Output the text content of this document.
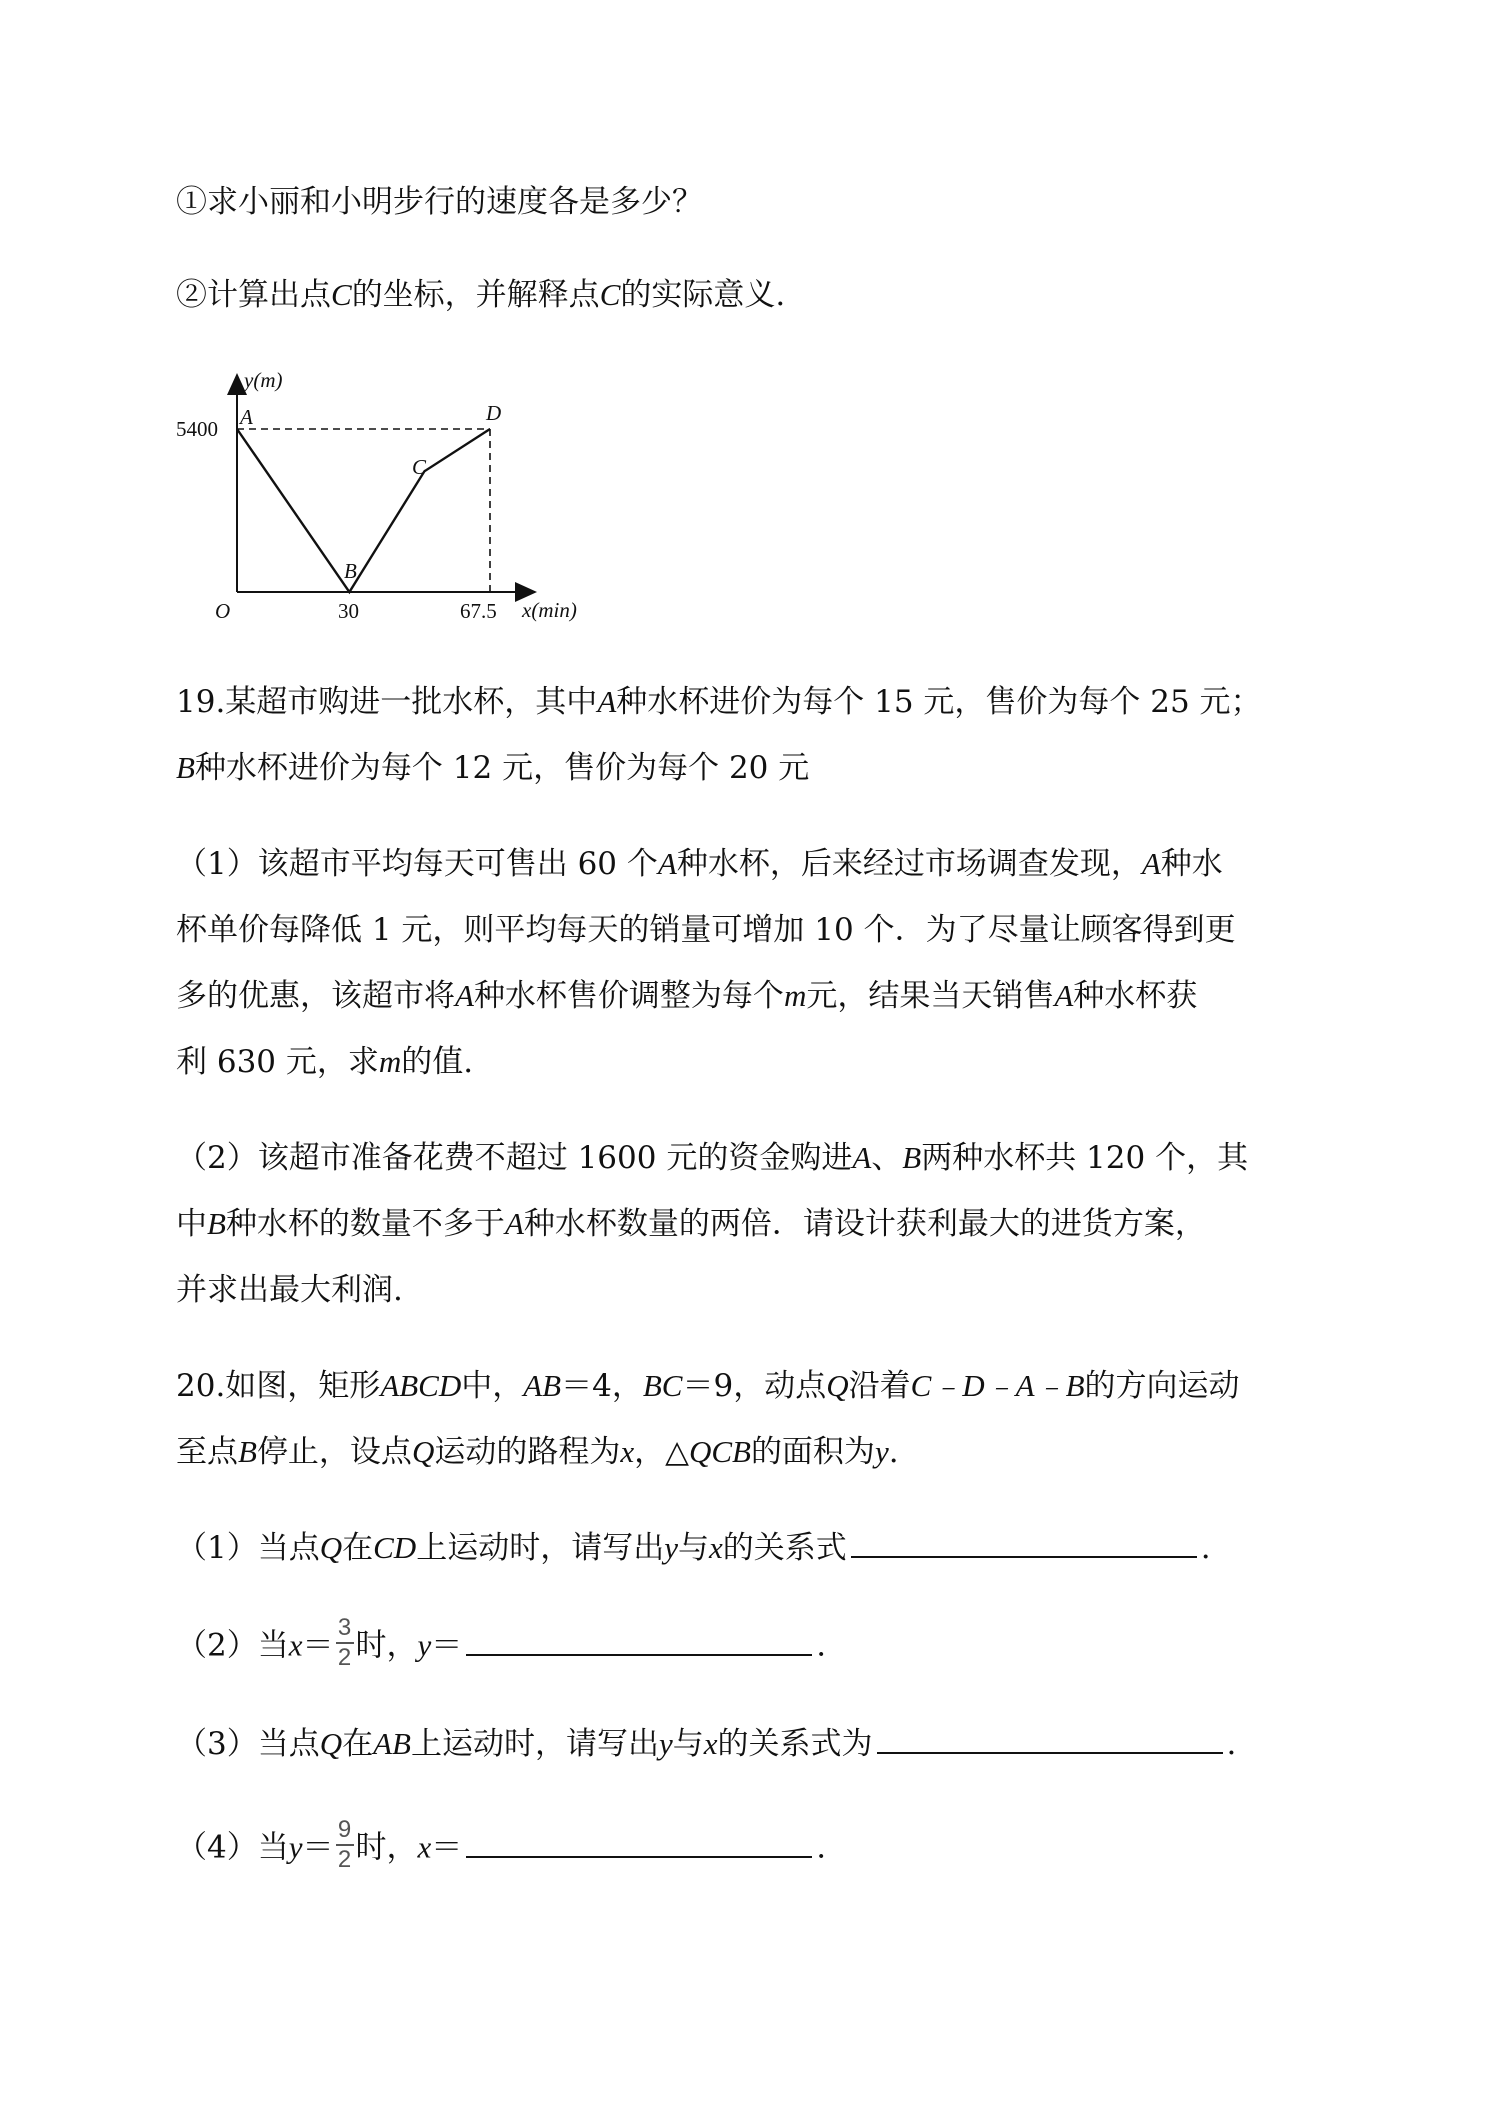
①求小丽和小明步行的速度各是多少？
②计算出点C的坐标，并解释点C的实际意义.
y(m)
x(min)
O
5400
30	67.5
A
B
C
D
19.某超市购进一批水杯，其中A种水杯进价为每个 15 元，售价为每个 25 元；
B种水杯进价为每个 12 元，售价为每个 20 元
（1）该超市平均每天可售出 60 个A种水杯，后来经过市场调查发现，A种水
杯单价每降低 1 元，则平均每天的销量可增加 10 个．为了尽量让顾客得到更
多的优惠，该超市将A种水杯售价调整为每个m元，结果当天销售A种水杯获
利 630 元，求m的值.
（2）该超市准备花费不超过 1600 元的资金购进A、B两种水杯共 120 个，其
中B种水杯的数量不多于A种水杯数量的两倍．请设计获利最大的进货方案，
并求出最大利润.
20.如图，矩形ABCD中，AB＝4，BC＝9，动点Q沿着C﹣D﹣A﹣B的方向运动
至点B停止，设点Q运动的路程为x，△QCB的面积为y.
（1）当点Q在CD上运动时，请写出y与x的关系式	.
（2）当$x= \frac{3}{2}$ 时，y＝	.
（3）当点Q在AB上运动时，请写出y与x的关系式为	.
（4）当$y= \frac{9}{2}$ 时，x＝	.
